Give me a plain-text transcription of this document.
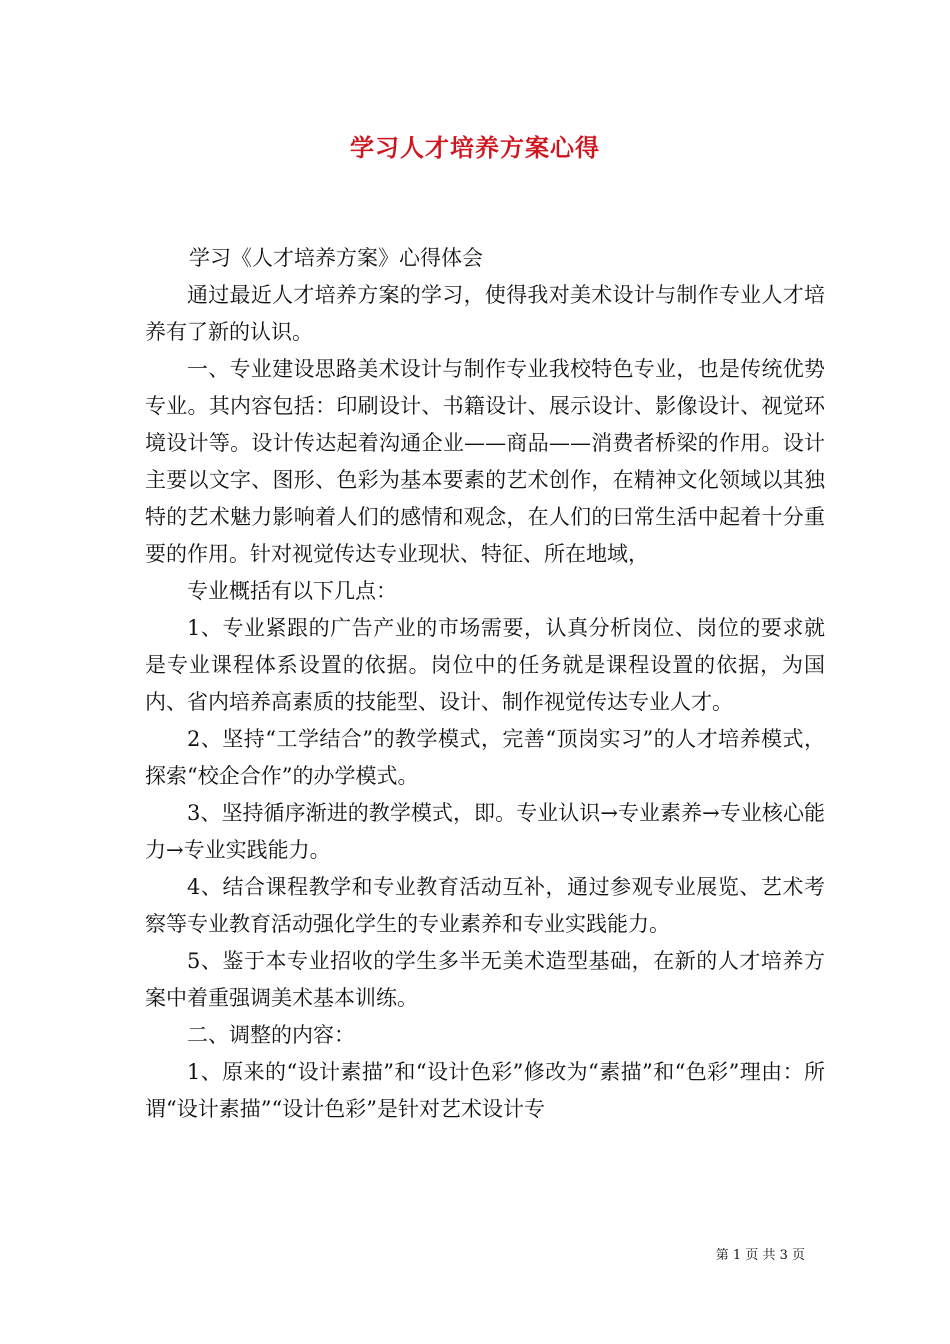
学习人才培养方案心得

学习《人才培养方案》心得体会

通过最近人才培养方案的学习，使得我对美术设计与制作专业人才培养有了新的认识。

一、专业建设思路美术设计与制作专业我校特色专业，也是传统优势专业。其内容包括：印刷设计、书籍设计、展示设计、影像设计、视觉环境设计等。设计传达起着沟通企业——商品——消费者桥梁的作用。设计主要以文字、图形、色彩为基本要素的艺术创作，在精神文化领域以其独特的艺术魅力影响着人们的感情和观念，在人们的曰常生活中起着十分重要的作用。针对视觉传达专业现状、特征、所在地域，

专业概括有以下几点：

1、专业紧跟的广告产业的市场需要，认真分析岗位、岗位的要求就是专业课程体系设置的依据。岗位中的任务就是课程设置的依据，为国内、省内培养高素质的技能型、设计、制作视觉传达专业人才。

2、坚持“工学结合”的教学模式，完善“顶岗实习”的人才培养模式，探索“校企合作”的办学模式。

3、坚持循序渐进的教学模式，即。专业认识→专业素养→专业核心能力→专业实践能力。

4、结合课程教学和专业教育活动互补，通过参观专业展览、艺术考察等专业教育活动强化学生的专业素养和专业实践能力。

5、鉴于本专业招收的学生多半无美术造型基础，在新的人才培养方案中着重强调美术基本训练。

二、调整的内容：

1、原来的“设计素描”和“设计色彩”修改为“素描”和“色彩”理由：所谓“设计素描”“设计色彩”是针对艺术设计专

第 1 页 共 3 页
